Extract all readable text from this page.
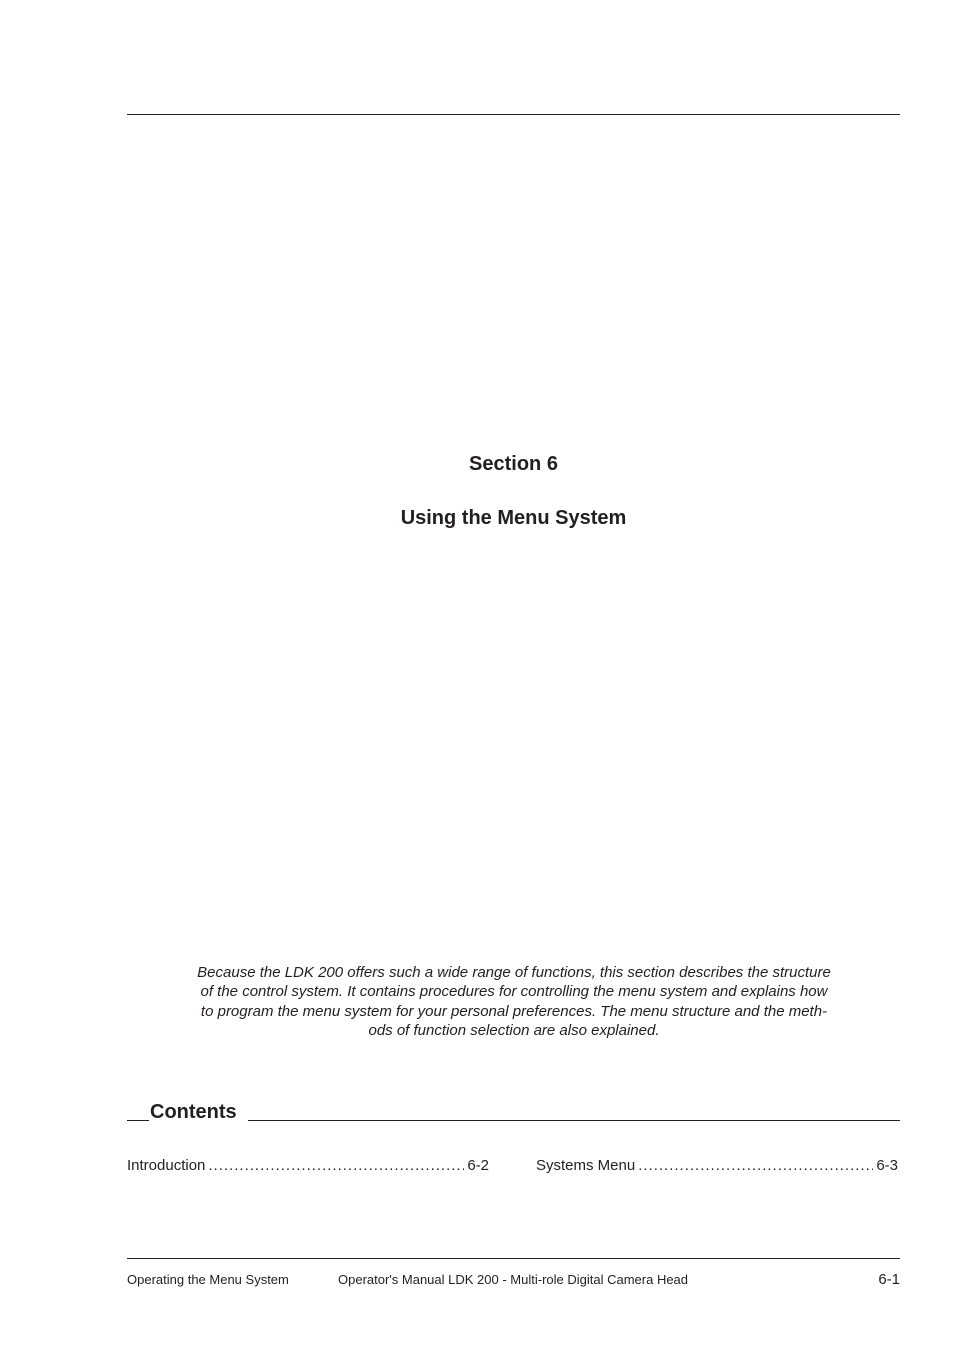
Section 6
Using the Menu System

Because the LDK 200 offers such a wide range of functions, this section describes the structure
of the control system. It contains procedures for controlling the menu system and explains how
to program the menu system for your personal preferences. The menu structure and the meth-
ods of function selection are also explained.

Contents
Introduction .....	6-2	Systems Menu .....	6-3
Operating the Menu System	Operator's Manual LDK 200 - Multi-role Digital Camera Head	6-1
